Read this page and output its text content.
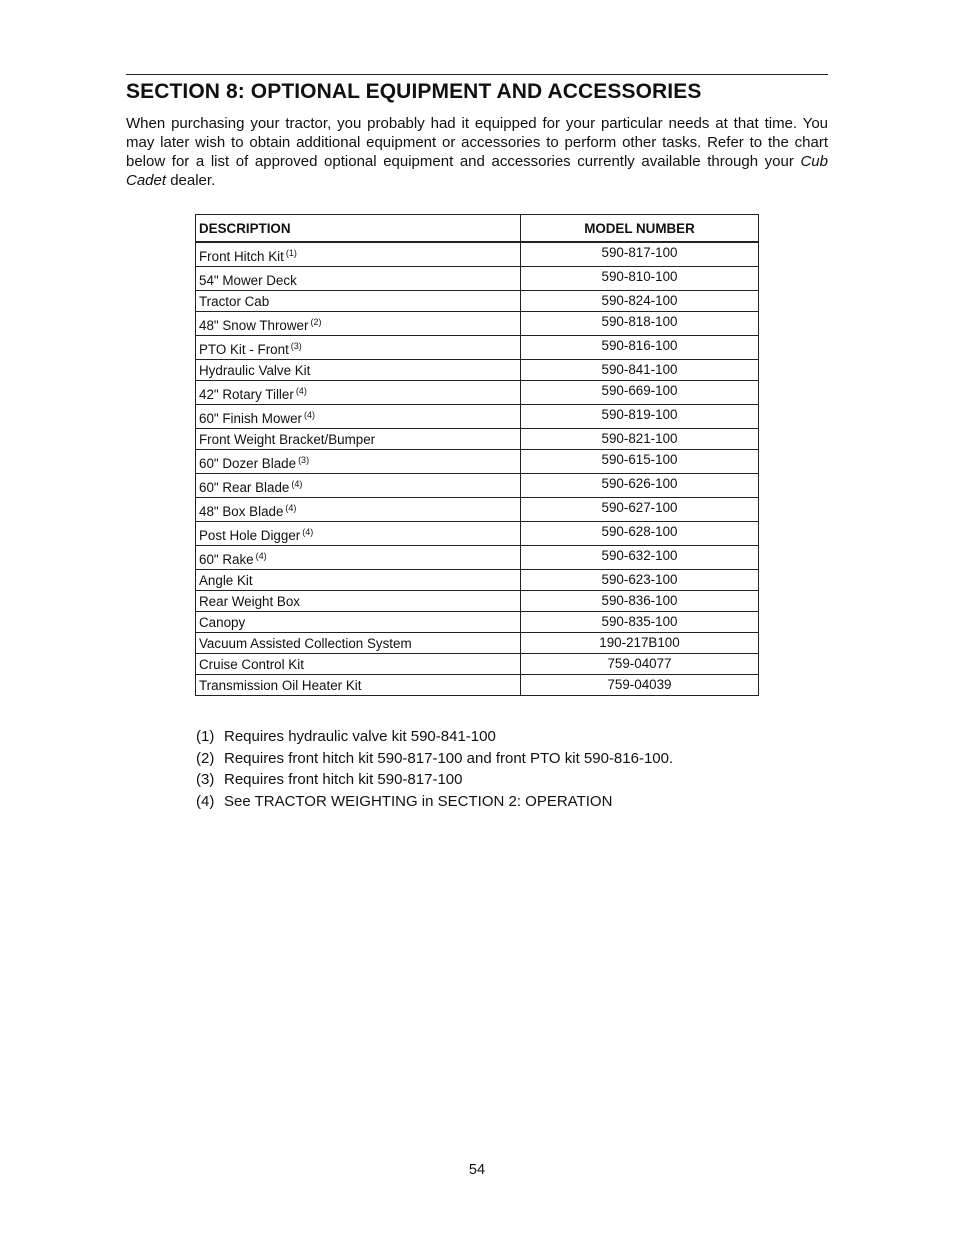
SECTION 8: OPTIONAL EQUIPMENT AND ACCESSORIES

When purchasing your tractor, you probably had it equipped for your particular needs at that time. You may later wish to obtain additional equipment or accessories to perform other tasks. Refer to the chart below for a list of approved optional equipment and accessories currently available through your Cub Cadet dealer.

DESCRIPTION	MODEL NUMBER
Front Hitch Kit $^{(1)}$	590-817-100
54" Mower Deck	590-810-100
Tractor Cab	590-824-100
48" Snow Thrower $^{(2)}$	590-818-100
PTO Kit - Front $^{(3)}$	590-816-100
Hydraulic Valve Kit	590-841-100
42" Rotary Tiller $^{(4)}$	590-669-100
60" Finish Mower $^{(4)}$	590-819-100
Front Weight Bracket/Bumper	590-821-100
60" Dozer Blade $^{(3)}$	590-615-100
60" Rear Blade $^{(4)}$	590-626-100
48" Box Blade $^{(4)}$	590-627-100
Post Hole Digger $^{(4)}$	590-628-100
60" Rake $^{(4)}$	590-632-100
Angle Kit	590-623-100
Rear Weight Box	590-836-100
Canopy	590-835-100
Vacuum Assisted Collection System	190-217B100
Cruise Control Kit	759-04077
Transmission Oil Heater Kit	759-04039
(1) Requires hydraulic valve kit 590-841-100
(2) Requires front hitch kit 590-817-100 and front PTO kit 590-816-100.
(3) Requires front hitch kit 590-817-100
(4) See TRACTOR WEIGHTING in SECTION 2: OPERATION
54
